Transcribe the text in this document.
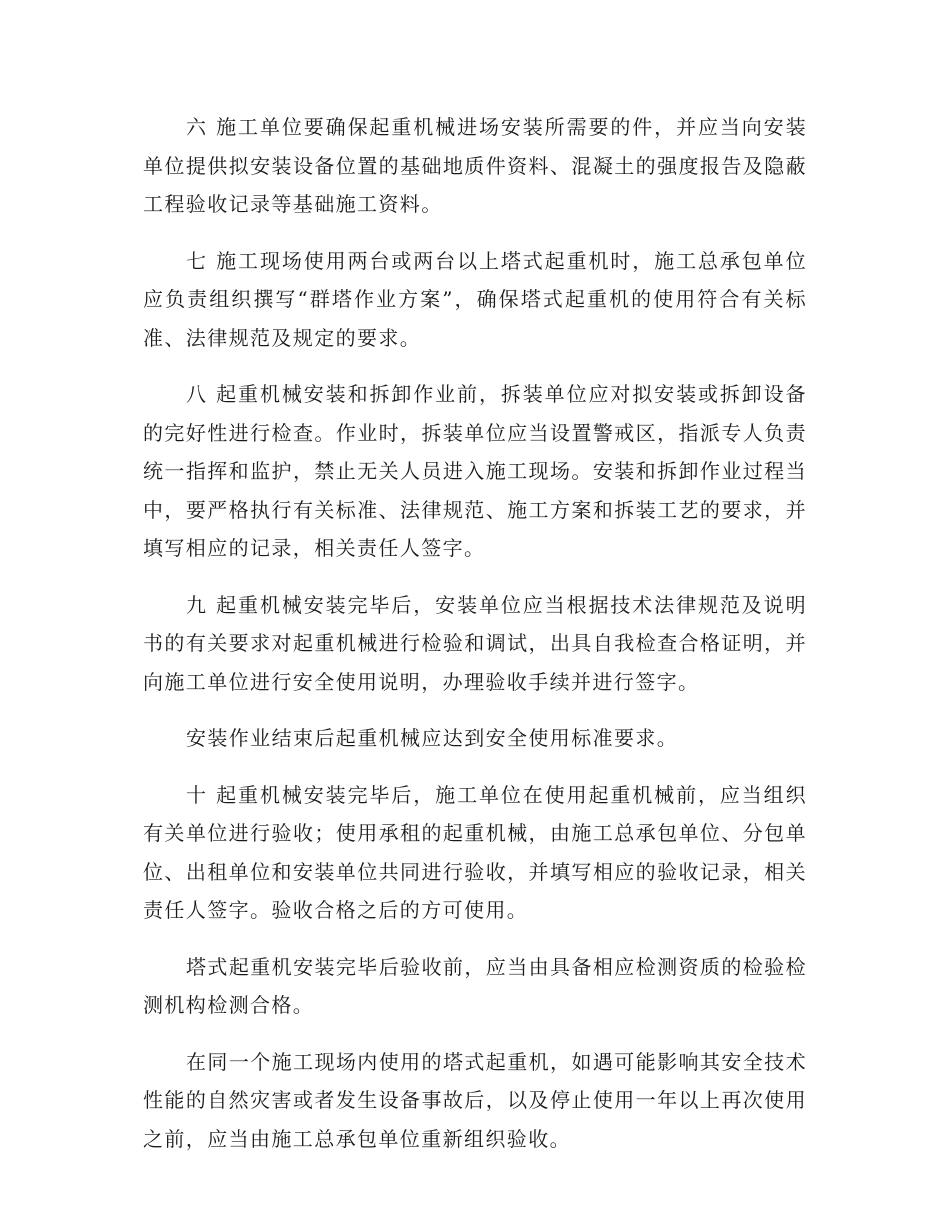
六 施工单位要确保起重机械进场安装所需要的件，并应当向安装单位提供拟安装设备位置的基础地质件资料、混凝土的强度报告及隐蔽工程验收记录等基础施工资料。

七 施工现场使用两台或两台以上塔式起重机时，施工总承包单位应负责组织撰写“群塔作业方案”，确保塔式起重机的使用符合有关标准、法律规范及规定的要求。

八 起重机械安装和拆卸作业前，拆装单位应对拟安装或拆卸设备的完好性进行检查。作业时，拆装单位应当设置警戒区，指派专人负责统一指挥和监护，禁止无关人员进入施工现场。安装和拆卸作业过程当中，要严格执行有关标准、法律规范、施工方案和拆装工艺的要求，并填写相应的记录，相关责任人签字。

九 起重机械安装完毕后，安装单位应当根据技术法律规范及说明书的有关要求对起重机械进行检验和调试，出具自我检查合格证明，并向施工单位进行安全使用说明，办理验收手续并进行签字。

安装作业结束后起重机械应达到安全使用标准要求。

十 起重机械安装完毕后，施工单位在使用起重机械前，应当组织有关单位进行验收；使用承租的起重机械，由施工总承包单位、分包单位、出租单位和安装单位共同进行验收，并填写相应的验收记录，相关责任人签字。验收合格之后的方可使用。

塔式起重机安装完毕后验收前，应当由具备相应检测资质的检验检测机构检测合格。

在同一个施工现场内使用的塔式起重机，如遇可能影响其安全技术性能的自然灾害或者发生设备事故后，以及停止使用一年以上再次使用之前，应当由施工总承包单位重新组织验收。
